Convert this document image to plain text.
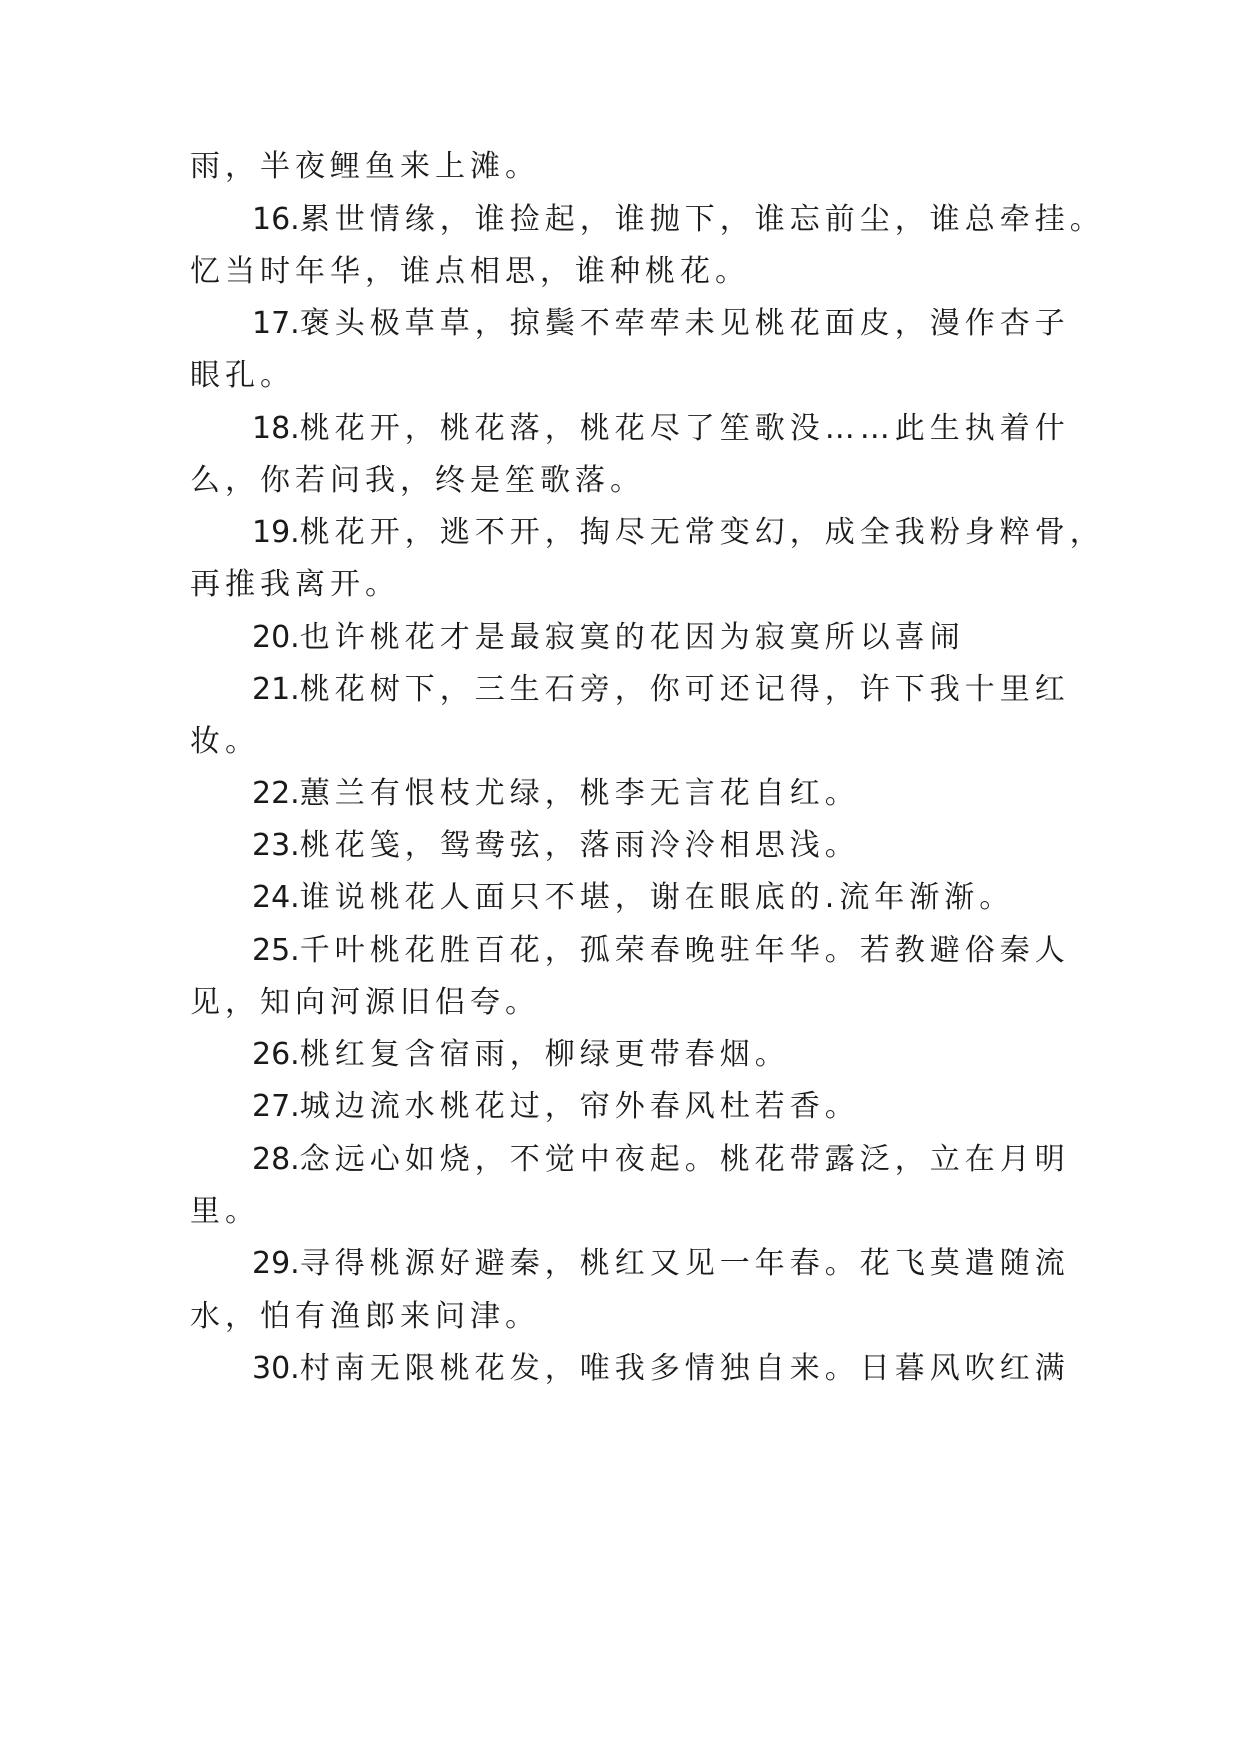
雨，半夜鲤鱼来上滩。
16.累世情缘，谁捡起，谁抛下，谁忘前尘，谁总牵挂。
忆当时年华，谁点相思，谁种桃花。
17.褒头极草草，掠鬓不荦荦未见桃花面皮，漫作杏子
眼孔。
18.桃花开，桃花落，桃花尽了笙歌没……此生执着什
么，你若问我，终是笙歌落。
19.桃花开，逃不开，掏尽无常变幻，成全我粉身粹骨，
再推我离开。
20.也许桃花才是最寂寞的花因为寂寞所以喜闹
21.桃花树下，三生石旁，你可还记得，许下我十里红
妆。
22.蕙兰有恨枝尤绿，桃李无言花自红。
23.桃花笺，鸳鸯弦，落雨泠泠相思浅。
24.谁说桃花人面只不堪，谢在眼底的.流年渐渐。
25.千叶桃花胜百花，孤荣春晚驻年华。若教避俗秦人
见，知向河源旧侣夸。
26.桃红复含宿雨，柳绿更带春烟。
27.城边流水桃花过，帘外春风杜若香。
28.念远心如烧，不觉中夜起。桃花带露泛，立在月明
里。
29.寻得桃源好避秦，桃红又见一年春。花飞莫遣随流
水，怕有渔郎来问津。
30.村南无限桃花发，唯我多情独自来。日暮风吹红满
